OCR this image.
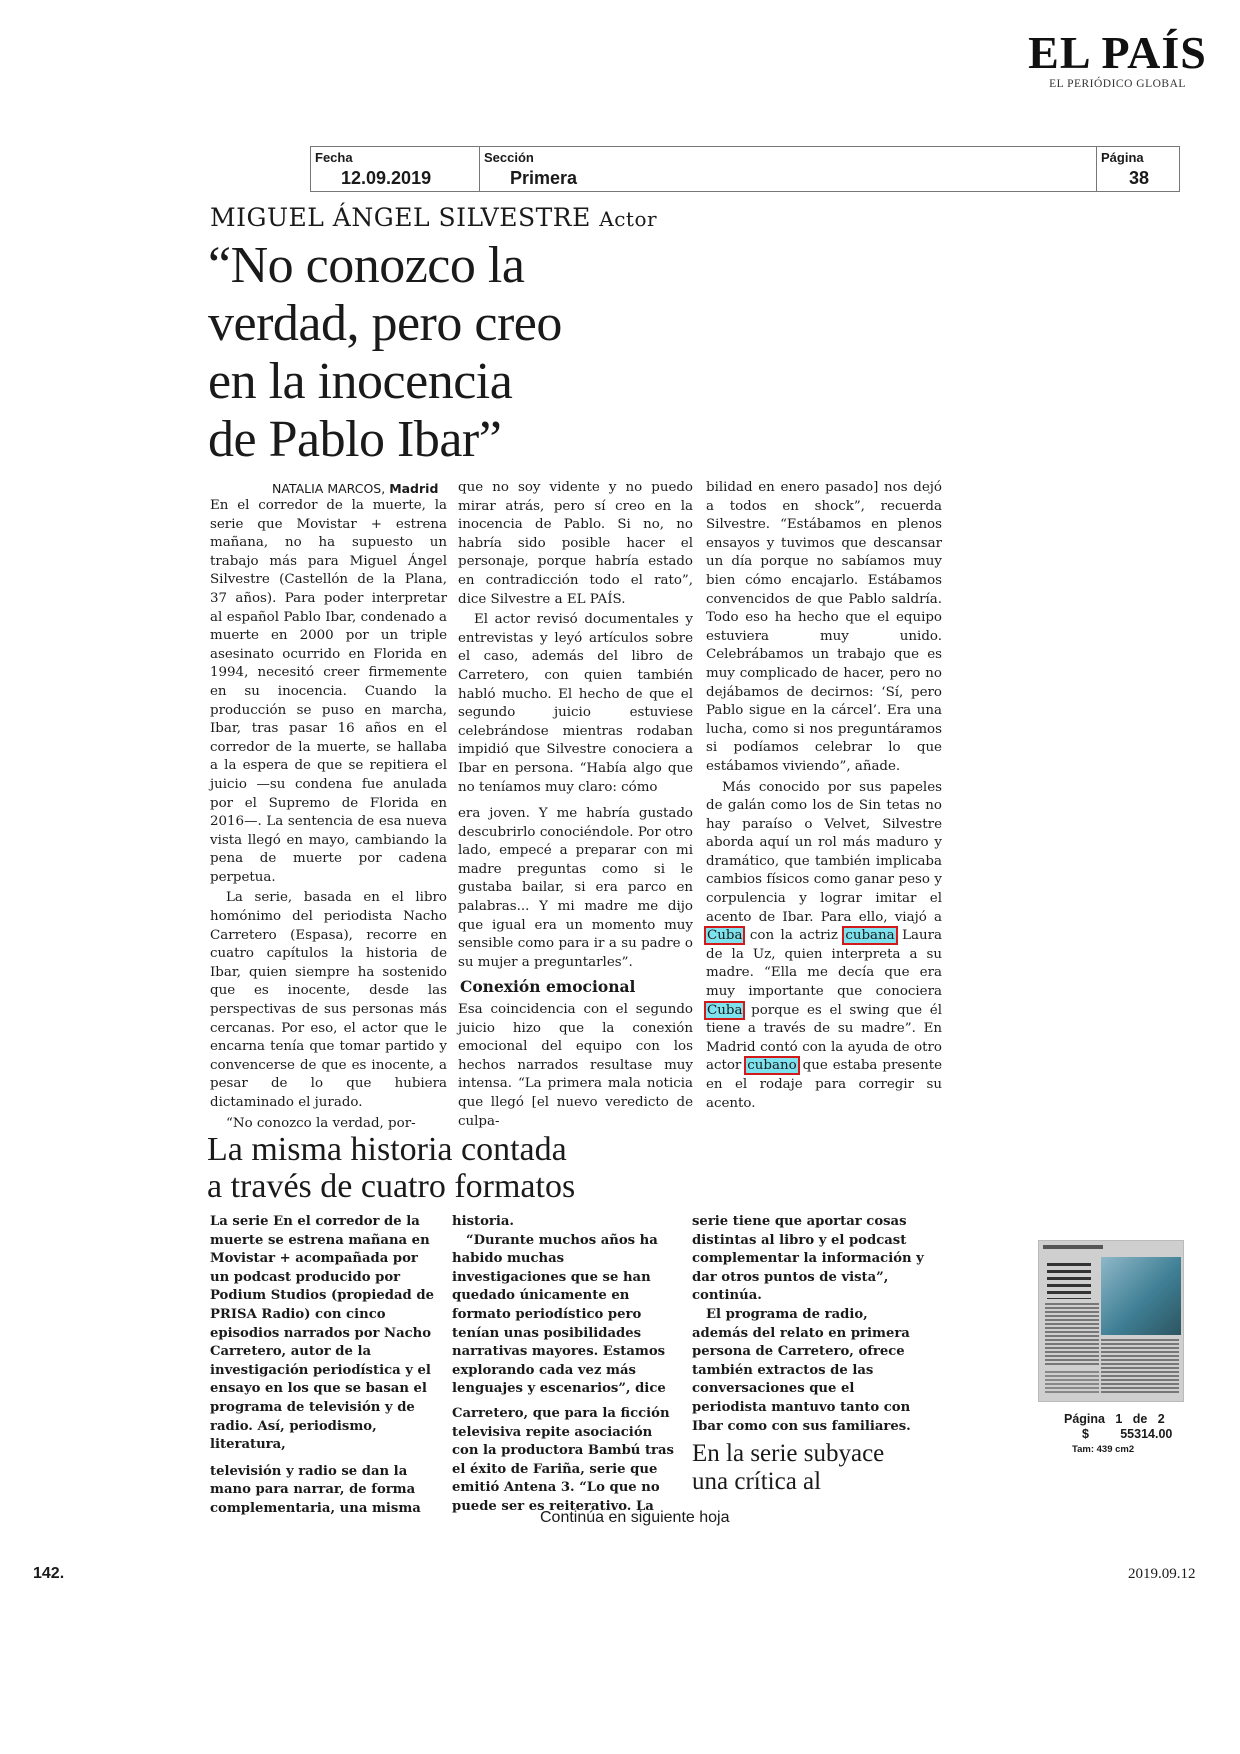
EL PAÍS
EL PERIÓDICO GLOBAL
Fecha
12.09.2019
Sección
Primera
Página
38
MIGUEL ÁNGEL SILVESTRE Actor
“No conozco la
verdad, pero creo
en la inocencia
de Pablo Ibar”
NATALIA MARCOS, Madrid

En el corredor de la muerte, la serie que Movistar + estrena mañana, no ha supuesto un trabajo más para Miguel Ángel Silvestre (Castellón de la Plana, 37 años). Para poder interpretar al español Pablo Ibar, condenado a muerte en 2000 por un triple asesinato ocurrido en Florida en 1994, necesitó creer firmemente en su inocencia. Cuando la producción se puso en marcha, Ibar, tras pasar 16 años en el corredor de la muerte, se hallaba a la espera de que se repitiera el juicio —su condena fue anulada por el Supremo de Florida en 2016—. La sentencia de esa nueva vista llegó en mayo, cambiando la pena de muerte por cadena perpetua.

La serie, basada en el libro homónimo del periodista Nacho Carretero (Espasa), recorre en cuatro capítulos la historia de Ibar, quien siempre ha sostenido que es inocente, desde las perspectivas de sus personas más cercanas. Por eso, el actor que le encarna tenía que tomar partido y convencerse de que es inocente, a pesar de lo que hubiera dictaminado el jurado.

“No conozco la verdad, por-

que no soy vidente y no puedo mirar atrás, pero sí creo en la inocencia de Pablo. Si no, no habría sido posible hacer el personaje, porque habría estado en contradicción todo el rato”, dice Silvestre a EL PAÍS.

El actor revisó documentales y entrevistas y leyó artículos sobre el caso, además del libro de Carretero, con quien también habló mucho. El hecho de que el segundo juicio estuviese celebrándose mientras rodaban impidió que Silvestre conociera a Ibar en persona. “Había algo que no teníamos muy claro: cómo

era joven. Y me habría gustado descubrirlo conociéndole. Por otro lado, empecé a preparar con mi madre preguntas como si le gustaba bailar, si era parco en palabras... Y mi madre me dijo que igual era un momento muy sensible como para ir a su padre o su mujer a preguntarles”.

Conexión emocional

Esa coincidencia con el segundo juicio hizo que la conexión emocional del equipo con los hechos narrados resultase muy intensa. “La primera mala noticia que llegó [el nuevo veredicto de culpa-

bilidad en enero pasado] nos dejó a todos en shock”, recuerda Silvestre. “Estábamos en plenos ensayos y tuvimos que descansar un día porque no sabíamos muy bien cómo encajarlo. Estábamos convencidos de que Pablo saldría. Todo eso ha hecho que el equipo estuviera muy unido. Celebrábamos un trabajo que es muy complicado de hacer, pero no dejábamos de decirnos: ‘Sí, pero Pablo sigue en la cárcel’. Era una lucha, como si nos preguntáramos si podíamos celebrar lo que estábamos viviendo”, añade.

Más conocido por sus papeles de galán como los de Sin tetas no hay paraíso o Velvet, Silvestre aborda aquí un rol más maduro y dramático, que también implicaba cambios físicos como ganar peso y corpulencia y lograr imitar el acento de Ibar. Para ello, viajó a Cuba con la actriz cubana Laura de la Uz, quien interpreta a su madre. “Ella me decía que era muy importante que conociera Cuba porque es el swing que él tiene a través de su madre”. En Madrid contó con la ayuda de otro actor cubano que estaba presente en el rodaje para corregir su acento.

La misma historia contada
a través de cuatro formatos

La serie En el corredor de la muerte se estrena mañana en Movistar + acompañada por un podcast producido por Podium Studios (propiedad de PRISA Radio) con cinco episodios narrados por Nacho Carretero, autor de la investigación periodística y el ensayo en los que se basan el programa de televisión y de radio. Así, periodismo, literatura,

televisión y radio se dan la mano para narrar, de forma complementaria, una misma

historia.

“Durante muchos años ha habido muchas investigaciones que se han quedado únicamente en formato periodístico pero tenían unas posibilidades narrativas mayores. Estamos explorando cada vez más lenguajes y escenarios”, dice

Carretero, que para la ficción televisiva repite asociación con la productora Bambú tras el éxito de Fariña, serie que emitió Antena 3. “Lo que no puede ser es reiterativo. La

serie tiene que aportar cosas distintas al libro y el podcast complementar la información y dar otros puntos de vista”, continúa.

El programa de radio, además del relato en primera persona de Carretero, ofrece también extractos de las conversaciones que el periodista mantuvo tanto con Ibar como con sus familiares.

En la serie subyace
una crítica al
Continúa en siguiente hoja
142.	2019.09.12
Página   1   de   2
$         55314.00
Tam: 439 cm2
